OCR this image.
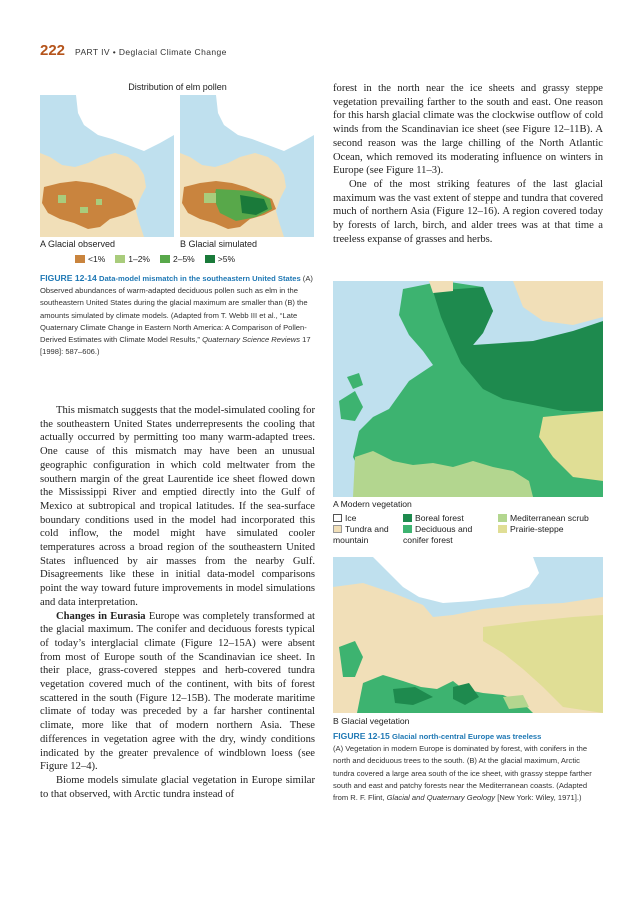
222 PART IV • Deglacial Climate Change
Distribution of elm pollen
A Glacial observed	B Glacial simulated
<1%	1–2%	2–5%	>5%
FIGURE 12-14 Data-model mismatch in the southeastern United States (A) Observed abundances of warm-adapted deciduous pollen such as elm in the southeastern United States during the glacial maximum are smaller than (B) the amounts simulated by climate models. (Adapted from T. Webb III et al., “Late Quaternary Climate Change in Eastern North America: A Comparison of Pollen-Derived Estimates with Climate Model Results,” Quaternary Science Reviews 17 [1998]: 587–606.)

This mismatch suggests that the model-simulated cooling for the southeastern United States underrepresents the cooling that actually occurred by permitting too many warm-adapted trees. One cause of this mismatch may have been an unusual geographic configuration in which cold meltwater from the southern margin of the great Laurentide ice sheet flowed down the Mississippi River and emptied directly into the Gulf of Mexico at subtropical and tropical latitudes. If the sea-surface boundary conditions used in the model had incorporated this cold inflow, the model might have simulated cooler temperatures across a broad region of the southeastern United States influenced by air masses from the nearby Gulf. Disagreements like these in initial data-model comparisons point the way toward future improvements in model simulations and data interpretation.

Changes in Eurasia Europe was completely transformed at the glacial maximum. The conifer and deciduous forests typical of today’s interglacial climate (Figure 12–15A) were absent from most of Europe south of the Scandinavian ice sheet. In their place, grass-covered steppes and herb-covered tundra vegetation covered much of the continent, with bits of forest scattered in the south (Figure 12–15B). The moderate maritime climate of today was preceded by a far harsher continental climate, more like that of modern northern Asia. These differences in vegetation agree with the dry, windy conditions indicated by the greater prevalence of windblown loess (see Figure 12–4).

Biome models simulate glacial vegetation in Europe similar to that observed, with Arctic tundra instead of

forest in the north near the ice sheets and grassy steppe vegetation prevailing farther to the south and east. One reason for this harsh glacial climate was the clockwise outflow of cold winds from the Scandinavian ice sheet (see Figure 12–11B). A second reason was the large chilling of the North Atlantic Ocean, which removed its moderating influence on winters in Europe (see Figure 11–3).

One of the most striking features of the last glacial maximum was the vast extent of steppe and tundra that covered much of northern Asia (Figure 12–16). A region covered today by forests of larch, birch, and alder trees was at that time a treeless expanse of grasses and herbs.

A Modern vegetation
Ice
Tundra and mountain
Boreal forest
Deciduous and conifer forest
Mediterranean scrub
Prairie-steppe
B Glacial vegetation
FIGURE 12-15 Glacial north-central Europe was treeless
(A) Vegetation in modern Europe is dominated by forest, with conifers in the north and deciduous trees to the south. (B) At the glacial maximum, Arctic tundra covered a large area south of the ice sheet, with grassy steppe farther south and east and patchy forests near the Mediterranean coasts. (Adapted from R. F. Flint, Glacial and Quaternary Geology [New York: Wiley, 1971].)
